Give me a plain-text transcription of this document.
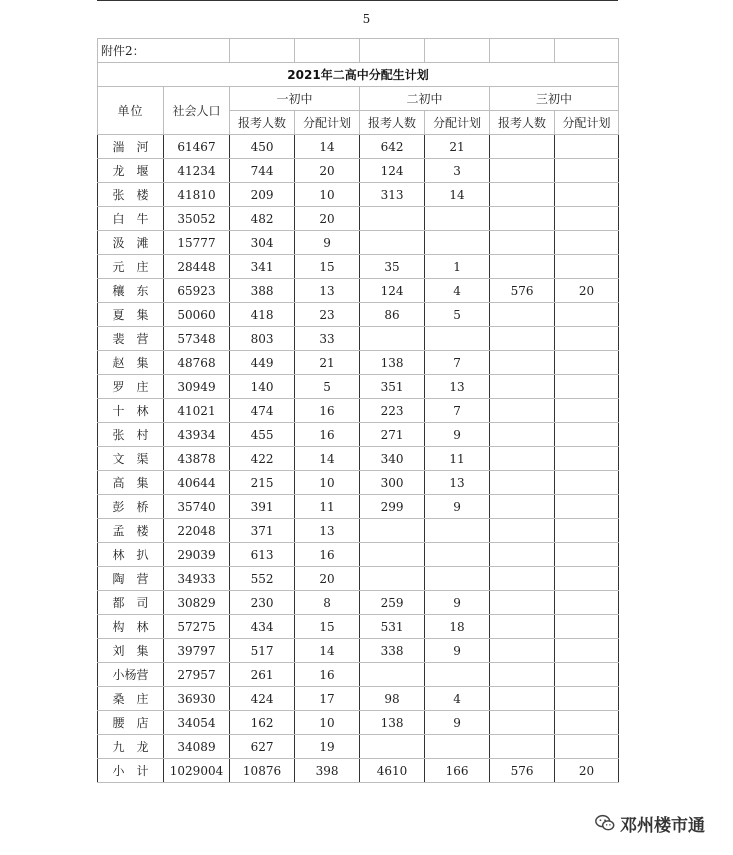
5
附件2：							
2021年二高中分配生计划							
单位	社会人口	一初中		二初中		三初中	
		报考人数	分配计划	报考人数	分配计划	报考人数	分配计划
湍　河	61467	450	14	642	21		
龙　堰	41234	744	20	124	3		
张　楼	41810	209	10	313	14		
白　牛	35052	482	20				
汲　滩	15777	304	9				
元　庄	28448	341	15	35	1		
穰　东	65923	388	13	124	4	576	20
夏　集	50060	418	23	86	5		
裴　营	57348	803	33				
赵　集	48768	449	21	138	7		
罗　庄	30949	140	5	351	13		
十　林	41021	474	16	223	7		
张　村	43934	455	16	271	9		
文　渠	43878	422	14	340	11		
高　集	40644	215	10	300	13		
彭　桥	35740	391	11	299	9		
孟　楼	22048	371	13				
林　扒	29039	613	16				
陶　营	34933	552	20				
都　司	30829	230	8	259	9		
构　林	57275	434	15	531	18		
刘　集	39797	517	14	338	9		
小杨营	27957	261	16				
桑　庄	36930	424	17	98	4		
腰　店	34054	162	10	138	9		
九　龙	34089	627	19				
小　计	1029004	10876	398	4610	166	576	20
邓州楼市通
